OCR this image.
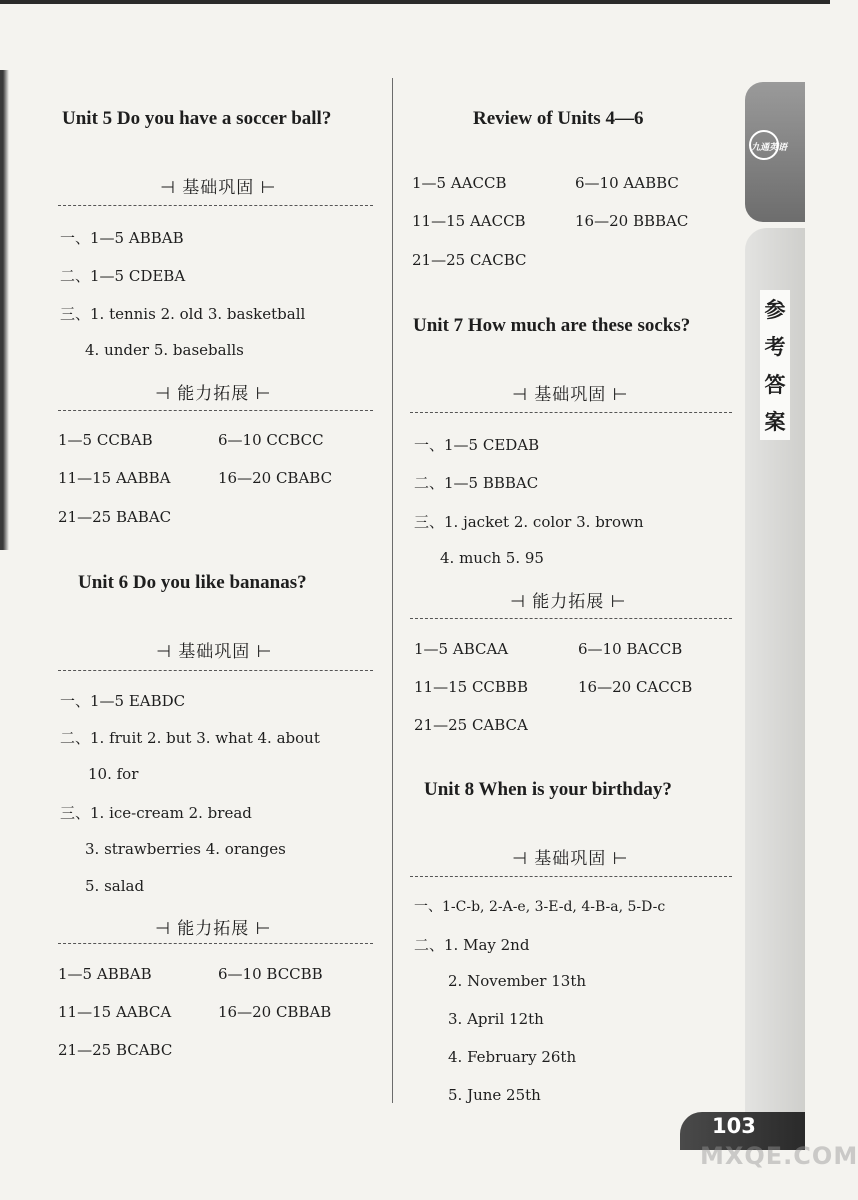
Unit 5 Do you have a soccer ball?
⊣ 基础巩固 ⊢
一、1—5 ABBAB
二、1—5 CDEBA
三、1. tennis 2. old 3. basketball
4. under 5. baseballs
⊣ 能力拓展 ⊢
1—5 CCBAB	6—10 CCBCC
11—15 AABBA	16—20 CBABC
21—25 BABAC
Unit 6 Do you like bananas?
⊣ 基础巩固 ⊢
一、1—5 EABDC
二、1. fruit 2. but 3. what 4. about
10. for
三、1. ice-cream 2. bread
3. strawberries 4. oranges
5. salad
⊣ 能力拓展 ⊢
1—5 ABBAB	6—10 BCCBB
11—15 AABCA	16—20 CBBAB
21—25 BCABC
Review of Units 4—6
1—5 AACCB	6—10 AABBC
11—15 AACCB	16—20 BBBAC
21—25 CACBC
Unit 7 How much are these socks?
⊣ 基础巩固 ⊢
一、1—5 CEDAB
二、1—5 BBBAC
三、1. jacket 2. color 3. brown
4. much 5. 95
⊣ 能力拓展 ⊢
1—5 ABCAA	6—10 BACCB
11—15 CCBBB	16—20 CACCB
21—25 CABCA
Unit 8 When is your birthday?
⊣ 基础巩固 ⊢
一、1-C-b, 2-A-e, 3-E-d, 4-B-a, 5-D-c
二、1. May 2nd
2. November 13th
3. April 12th
4. February 26th
5. June 25th
九通英语
参
考
答
案
103
MXQE.COM
